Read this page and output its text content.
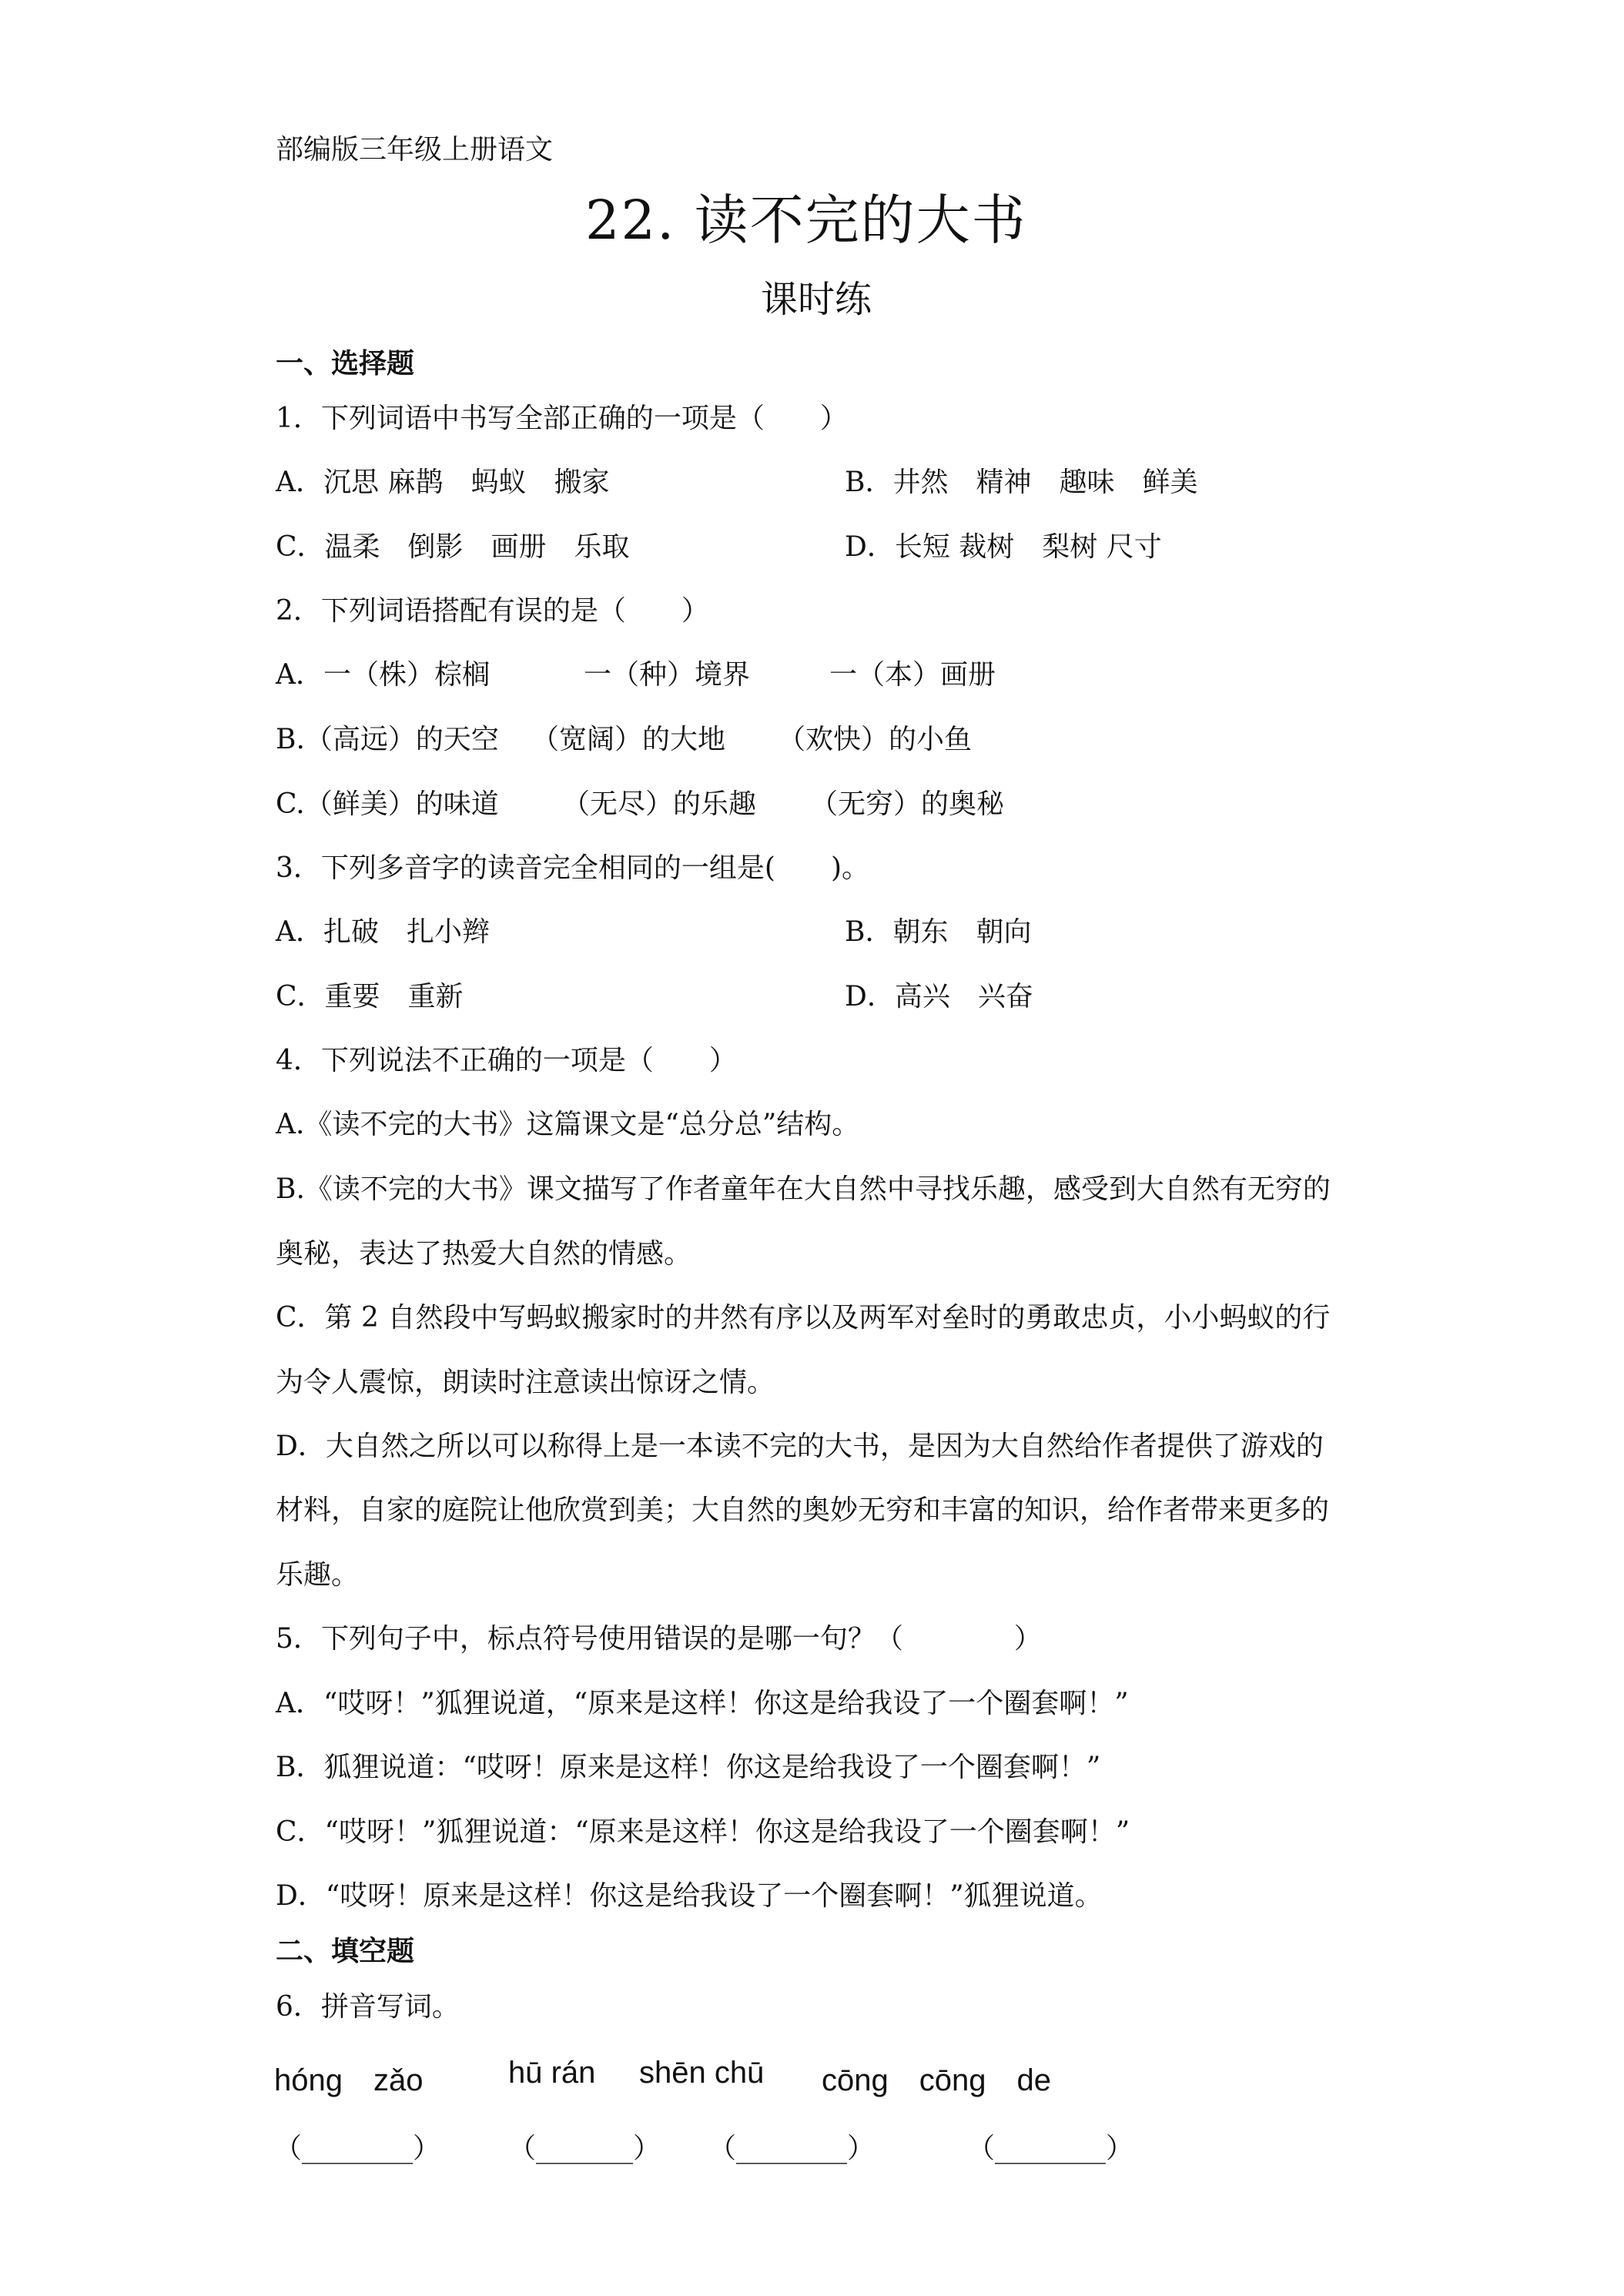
部编版三年级上册语文
22. 读不完的大书
课时练
一、选择题
1．下列词语中书写全部正确的一项是（　　）
A．沉思 麻鹊　蚂蚁　搬家	B．井然　精神　趣味　鲜美
C．温柔　倒影　画册　乐取	D．长短 裁树　梨树 尺寸
2．下列词语搭配有误的是（　　）
A．一（株）棕榈	一（种）境界	一（本）画册
B.（高远）的天空 （宽阔）的大地 （欢快）的小鱼
C.（鲜美）的味道 （无尽）的乐趣 （无穷）的奥秘
3．下列多音字的读音完全相同的一组是(　　)。
A．扎破　扎小辫	B．朝东　朝向
C．重要　重新	D．高兴　兴奋
4．下列说法不正确的一项是（　　）
A.《读不完的大书》这篇课文是“总分总”结构。
B.《读不完的大书》课文描写了作者童年在大自然中寻找乐趣，感受到大自然有无穷的
奥秘，表达了热爱大自然的情感。
C．第 2 自然段中写蚂蚁搬家时的井然有序以及两军对垒时的勇敢忠贞，小小蚂蚁的行
为令人震惊，朗读时注意读出惊讶之情。
D．大自然之所以可以称得上是一本读不完的大书，是因为大自然给作者提供了游戏的
材料，自家的庭院让他欣赏到美；大自然的奥妙无穷和丰富的知识，给作者带来更多的
乐趣。
5．下列句子中，标点符号使用错误的是哪一句？（　　　　）
A．“哎呀！”狐狸说道，“原来是这样！你这是给我设了一个圈套啊！”
B．狐狸说道：“哎呀！原来是这样！你这是给我设了一个圈套啊！”
C．“哎呀！”狐狸说道：“原来是这样！你这是给我设了一个圈套啊！”
D．“哎呀！原来是这样！你这是给我设了一个圈套啊！”狐狸说道。
二、填空题
6．拼音写词。
hóng　zǎo	hū rán shēn chū cōng　cōng　de
（________） （_______） （________）	（________）
